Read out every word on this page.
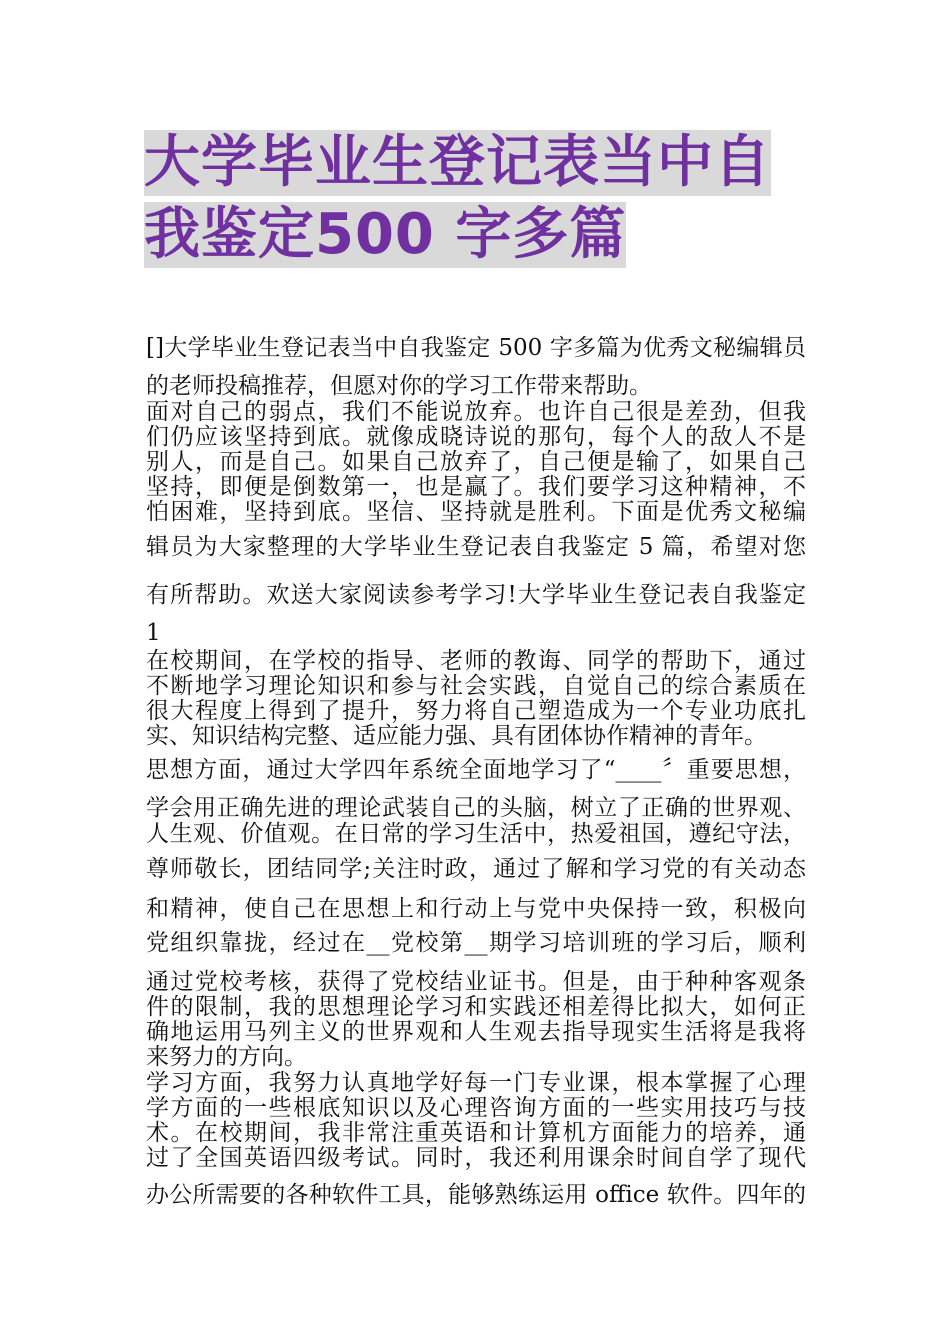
大学毕业生登记表当中自
我鉴定500 字多篇
[]大学毕业生登记表当中自我鉴定 500 字多篇为优秀文秘编辑员
的老师投稿推荐，但愿对你的学习工作带来帮助。
面对自己的弱点，我们不能说放弃。也许自己很是差劲，但我
们仍应该坚持到底。就像成晓诗说的那句，每个人的敌人不是
别人，而是自己。如果自己放弃了，自己便是输了，如果自己
坚持，即便是倒数第一，也是赢了。我们要学习这种精神，不
怕困难，坚持到底。坚信、坚持就是胜利。下面是优秀文秘编
辑员为大家整理的大学毕业生登记表自我鉴定 5 篇，希望对您
有所帮助。欢送大家阅读参考学习!大学毕业生登记表自我鉴定
1
在校期间，在学校的指导、老师的教诲、同学的帮助下，通过
不断地学习理论知识和参与社会实践，自觉自己的综合素质在
很大程度上得到了提升，努力将自己塑造成为一个专业功底扎
实、知识结构完整、适应能力强、具有团体协作精神的青年。
思想方面，通过大学四年系统全面地学习了“____〞重要思想，
学会用正确先进的理论武装自己的头脑，树立了正确的世界观、
人生观、价值观。在日常的学习生活中，热爱祖国，遵纪守法，
尊师敬长，团结同学;关注时政，通过了解和学习党的有关动态
和精神，使自己在思想上和行动上与党中央保持一致，积极向
党组织靠拢，经过在__党校第__期学习培训班的学习后，顺利
通过党校考核，获得了党校结业证书。但是，由于种种客观条
件的限制，我的思想理论学习和实践还相差得比拟大，如何正
确地运用马列主义的世界观和人生观去指导现实生活将是我将
来努力的方向。
学习方面，我努力认真地学好每一门专业课，根本掌握了心理
学方面的一些根底知识以及心理咨询方面的一些实用技巧与技
术。在校期间，我非常注重英语和计算机方面能力的培养，通
过了全国英语四级考试。同时，我还利用课余时间自学了现代
办公所需要的各种软件工具，能够熟练运用 office 软件。四年的
